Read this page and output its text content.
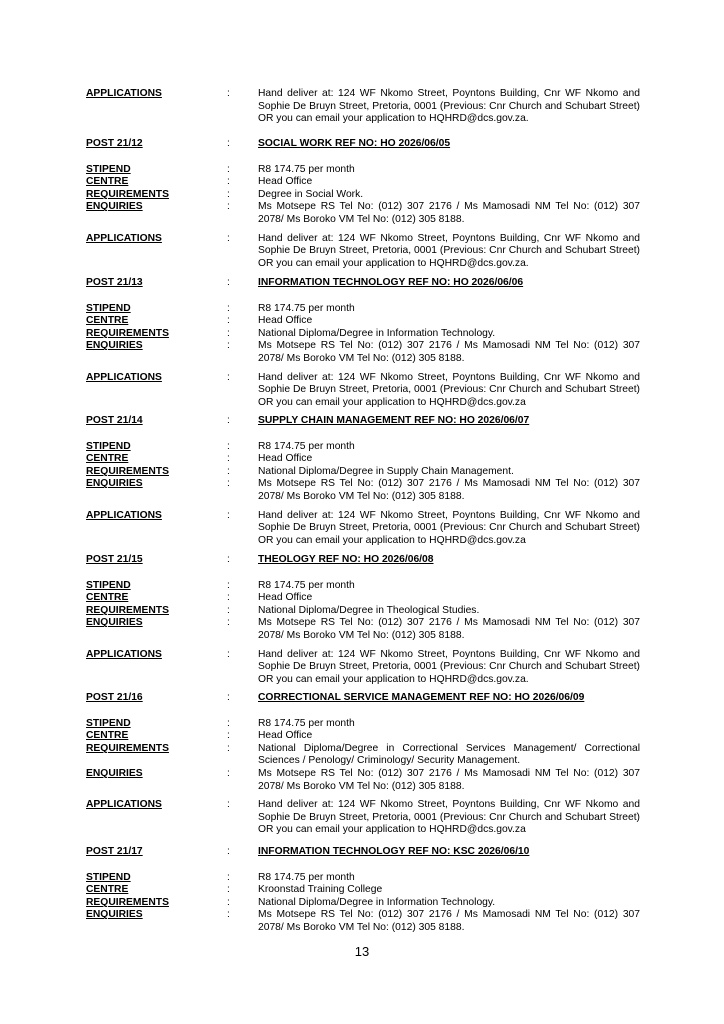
APPLICATIONS	:	Hand deliver at: 124 WF Nkomo Street, Poyntons Building, Cnr WF Nkomo and Sophie De Bruyn Street, Pretoria, 0001 (Previous: Cnr Church and Schubart Street) OR you can email your application to HQHRD@dcs.gov.za.
POST 21/12	:	SOCIAL WORK REF NO: HO 2026/06/05
STIPEND	:	R8 174.75 per month
CENTRE	:	Head Office
REQUIREMENTS	:	Degree in Social Work.
ENQUIRIES	:	Ms Motsepe RS Tel No: (012) 307 2176 / Ms Mamosadi NM Tel No: (012) 307 2078/ Ms Boroko VM Tel No: (012) 305 8188.
APPLICATIONS	:	Hand deliver at: 124 WF Nkomo Street, Poyntons Building, Cnr WF Nkomo and Sophie De Bruyn Street, Pretoria, 0001 (Previous: Cnr Church and Schubart Street) OR you can email your application to HQHRD@dcs.gov.za.
POST 21/13	:	INFORMATION TECHNOLOGY REF NO: HO 2026/06/06
STIPEND	:	R8 174.75 per month
CENTRE	:	Head Office
REQUIREMENTS	:	National Diploma/Degree in Information Technology.
ENQUIRIES	:	Ms Motsepe RS Tel No: (012) 307 2176 / Ms Mamosadi NM Tel No: (012) 307 2078/ Ms Boroko VM Tel No: (012) 305 8188.
APPLICATIONS	:	Hand deliver at: 124 WF Nkomo Street, Poyntons Building, Cnr WF Nkomo and Sophie De Bruyn Street, Pretoria, 0001 (Previous: Cnr Church and Schubart Street) OR you can email your application to HQHRD@dcs.gov.za
POST 21/14	:	SUPPLY CHAIN MANAGEMENT REF NO: HO 2026/06/07
STIPEND	:	R8 174.75 per month
CENTRE	:	Head Office
REQUIREMENTS	:	National Diploma/Degree in Supply Chain Management.
ENQUIRIES	:	Ms Motsepe RS Tel No: (012) 307 2176 / Ms Mamosadi NM Tel No: (012) 307 2078/ Ms Boroko VM Tel No: (012) 305 8188.
APPLICATIONS	:	Hand deliver at: 124 WF Nkomo Street, Poyntons Building, Cnr WF Nkomo and Sophie De Bruyn Street, Pretoria, 0001 (Previous: Cnr Church and Schubart Street) OR you can email your application to HQHRD@dcs.gov.za
POST 21/15	:	THEOLOGY REF NO: HO 2026/06/08
STIPEND	:	R8 174.75 per month
CENTRE	:	Head Office
REQUIREMENTS	:	National Diploma/Degree in Theological Studies.
ENQUIRIES	:	Ms Motsepe RS Tel No: (012) 307 2176 / Ms Mamosadi NM Tel No: (012) 307 2078/ Ms Boroko VM Tel No: (012) 305 8188.
APPLICATIONS	:	Hand deliver at: 124 WF Nkomo Street, Poyntons Building, Cnr WF Nkomo and Sophie De Bruyn Street, Pretoria, 0001 (Previous: Cnr Church and Schubart Street) OR you can email your application to HQHRD@dcs.gov.za.
POST 21/16	:	CORRECTIONAL SERVICE MANAGEMENT REF NO: HO 2026/06/09
STIPEND	:	R8 174.75 per month
CENTRE	:	Head Office
REQUIREMENTS	:	National Diploma/Degree in Correctional Services Management/ Correctional Sciences / Penology/ Criminology/ Security Management.
ENQUIRIES	:	Ms Motsepe RS Tel No: (012) 307 2176 / Ms Mamosadi NM Tel No: (012) 307 2078/ Ms Boroko VM Tel No: (012) 305 8188.
APPLICATIONS	:	Hand deliver at: 124 WF Nkomo Street, Poyntons Building, Cnr WF Nkomo and Sophie De Bruyn Street, Pretoria, 0001 (Previous: Cnr Church and Schubart Street) OR you can email your application to HQHRD@dcs.gov.za
POST 21/17	:	INFORMATION TECHNOLOGY REF NO: KSC 2026/06/10
STIPEND	:	R8 174.75 per month
CENTRE	:	Kroonstad Training College
REQUIREMENTS	:	National Diploma/Degree in Information Technology.
ENQUIRIES	:	Ms Motsepe RS Tel No: (012) 307 2176 / Ms Mamosadi NM Tel No: (012) 307 2078/ Ms Boroko VM Tel No: (012) 305 8188.
13
